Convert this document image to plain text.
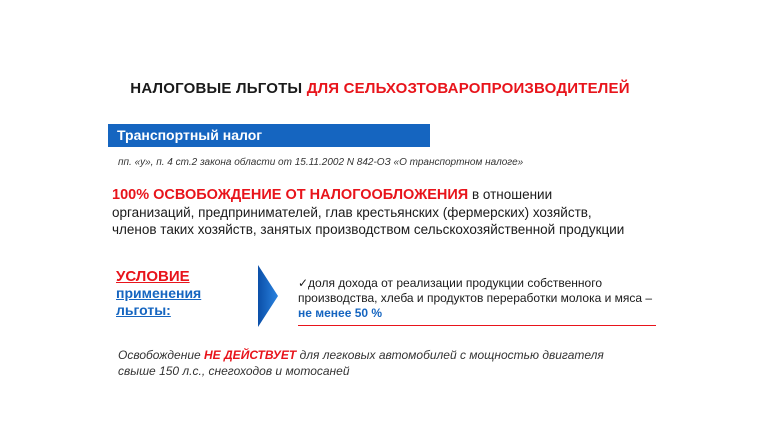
НАЛОГОВЫЕ ЛЬГОТЫ ДЛЯ СЕЛЬХОЗТОВАРОПРОИЗВОДИТЕЛЕЙ
Транспортный налог
пп. «у», п. 4 ст.2 закона области от 15.11.2002 N 842-ОЗ «О транспортном налоге»
100% ОСВОБОЖДЕНИЕ ОТ НАЛОГООБЛОЖЕНИЯ в отношении организаций, предпринимателей, глав крестьянских (фермерских) хозяйств, членов таких хозяйств, занятых производством сельскохозяйственной продукции
УСЛОВИЕ
применения
льготы:
✓доля дохода от реализации продукции собственного производства, хлеба и продуктов переработки молока и мяса – не менее 50 %
Освобождение НЕ ДЕЙСТВУЕТ для легковых автомобилей с мощностью двигателя свыше 150 л.с., снегоходов и мотосаней
